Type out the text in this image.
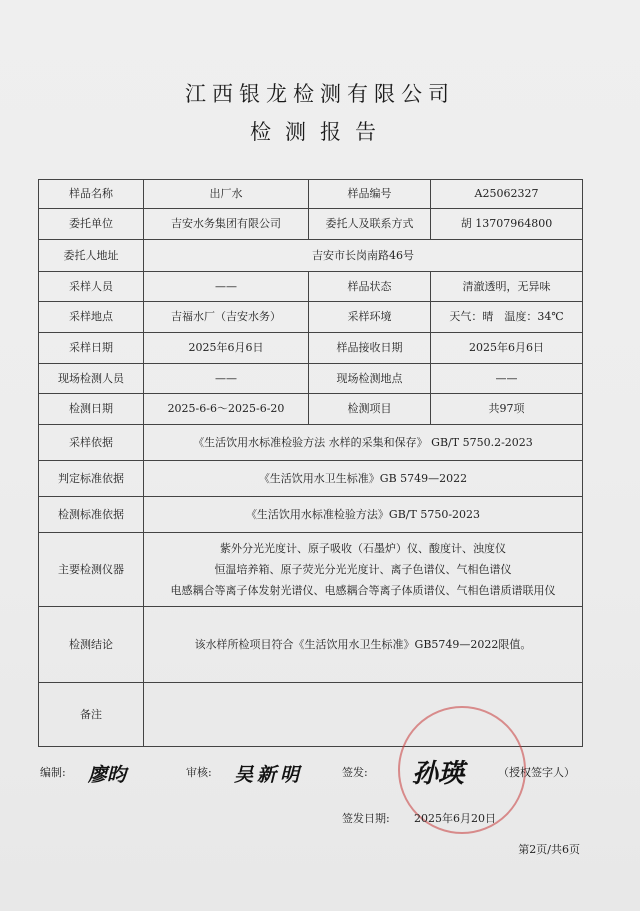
江西银龙检测有限公司
检测报告
样品名称	出厂水	样品编号	A25062327
委托单位	吉安水务集团有限公司	委托人及联系方式	胡 13707964800
委托人地址	吉安市长岗南路46号		
采样人员	——	样品状态	清澈透明，无异味
采样地点	吉福水厂（吉安水务）	采样环境	天气：晴　温度：34℃
采样日期	2025年6月6日	样品接收日期	2025年6月6日
现场检测人员	——	现场检测地点	——
检测日期	2025-6-6～2025-6-20	检测项目	共97项
采样依据	《生活饮用水标准检验方法 水样的采集和保存》 GB/T 5750.2-2023		
判定标准依据	《生活饮用水卫生标准》GB 5749—2022		
检测标准依据	《生活饮用水标准检验方法》GB/T 5750-2023		
主要检测仪器	紫外分光光度计、原子吸收（石墨炉）仪、酸度计、浊度仪
恒温培养箱、原子荧光分光光度计、离子色谱仪、气相色谱仪
电感耦合等离子体发射光谱仪、电感耦合等离子体质谱仪、气相色谱质谱联用仪		

检测结论	该水样所检项目符合《生活饮用水卫生标准》GB5749—2022限值。		
备注			
编制: 廖昀	审核: 吴新明	签发: 孙瑛	（授权签字人）
签发日期: 2025年6月20日
第2页/共6页
